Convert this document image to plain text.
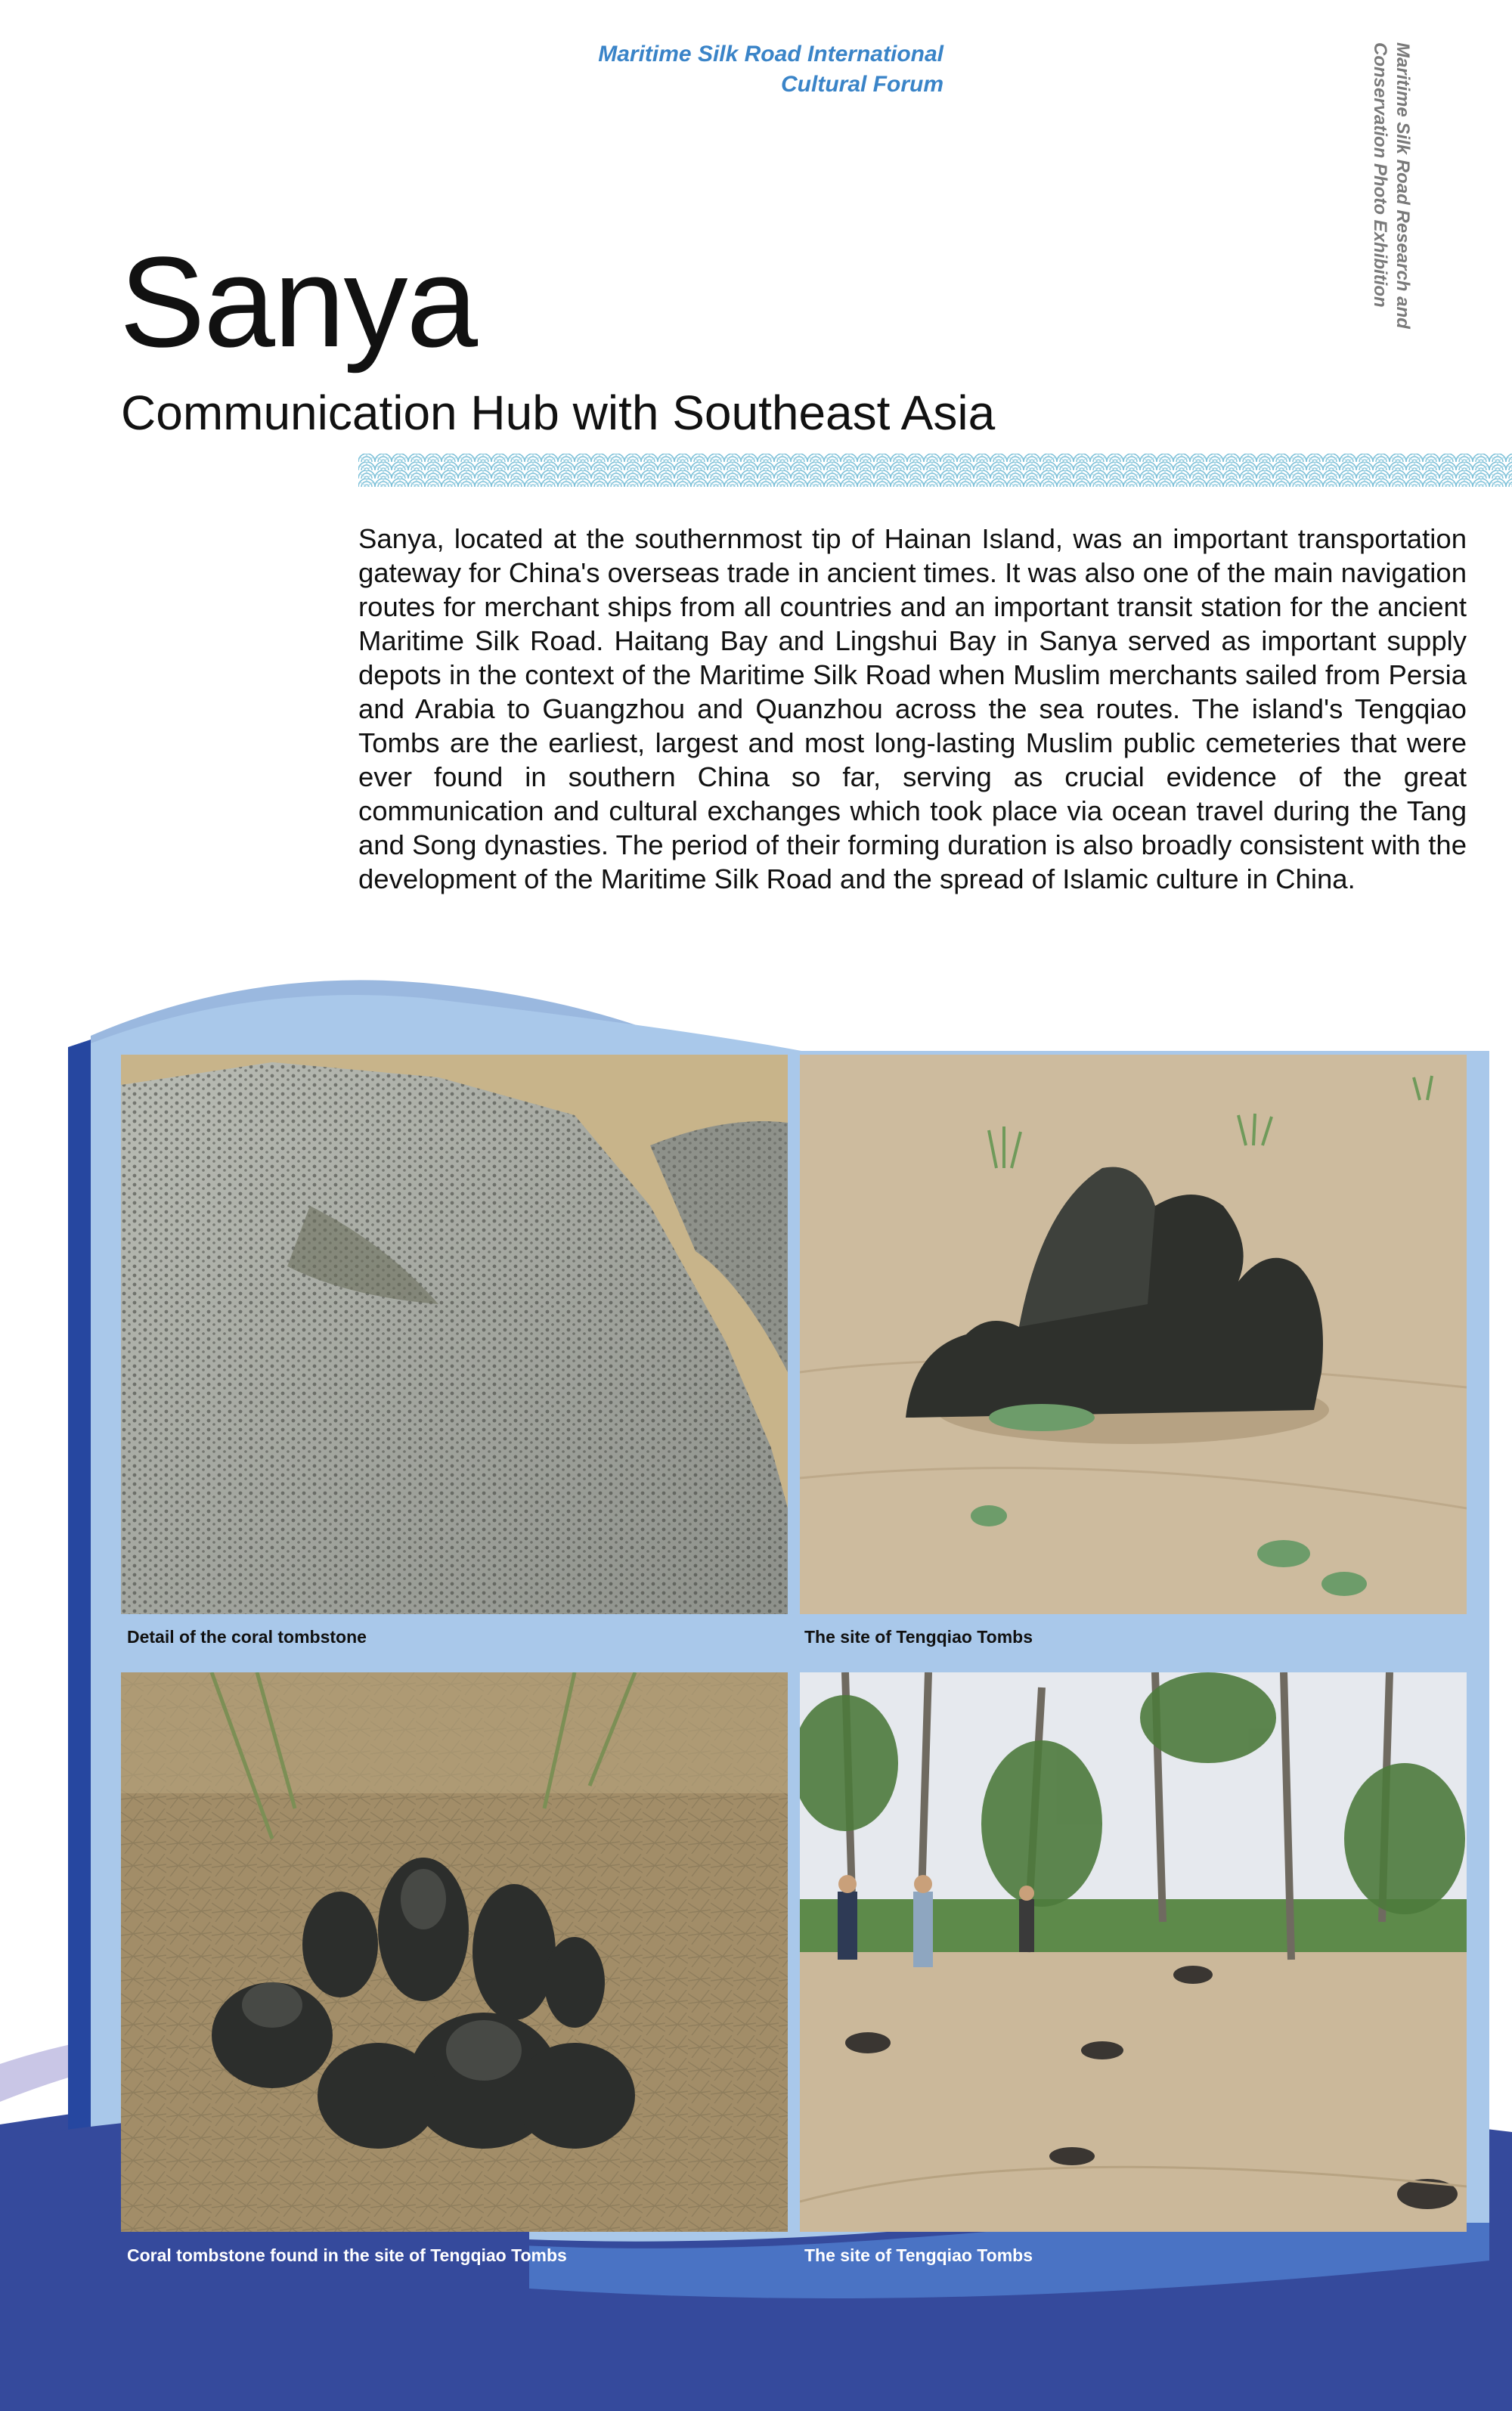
Maritime Silk Road International
Cultural Forum	Maritime Silk Road Research and
Conservation Photo Exhibition
Sanya
Communication Hub with Southeast Asia
Sanya, located at the southernmost tip of Hainan Island, was an important transportation gateway for China's overseas trade in ancient times. It was also one of the main navigation routes for merchant ships from all countries and an important transit station for the ancient Maritime Silk Road. Haitang Bay and Lingshui Bay in Sanya served as important supply depots in the context of the Maritime Silk Road when Muslim merchants sailed from Persia and Arabia to Guangzhou and Quanzhou across the sea routes. The island's Tengqiao Tombs are the earliest, largest and most long-lasting Muslim public cemeteries that were ever found in southern China so far, serving as crucial evidence of the great communication and cultural exchanges which took place via ocean travel during the Tang and Song dynasties. The period of their forming duration is also broadly consistent with the development of the Maritime Silk Road and the spread of Islamic culture in China.
Detail of the coral tombstone	The site of Tengqiao Tombs
Coral tombstone found in the site of Tengqiao Tombs	The site of Tengqiao Tombs
